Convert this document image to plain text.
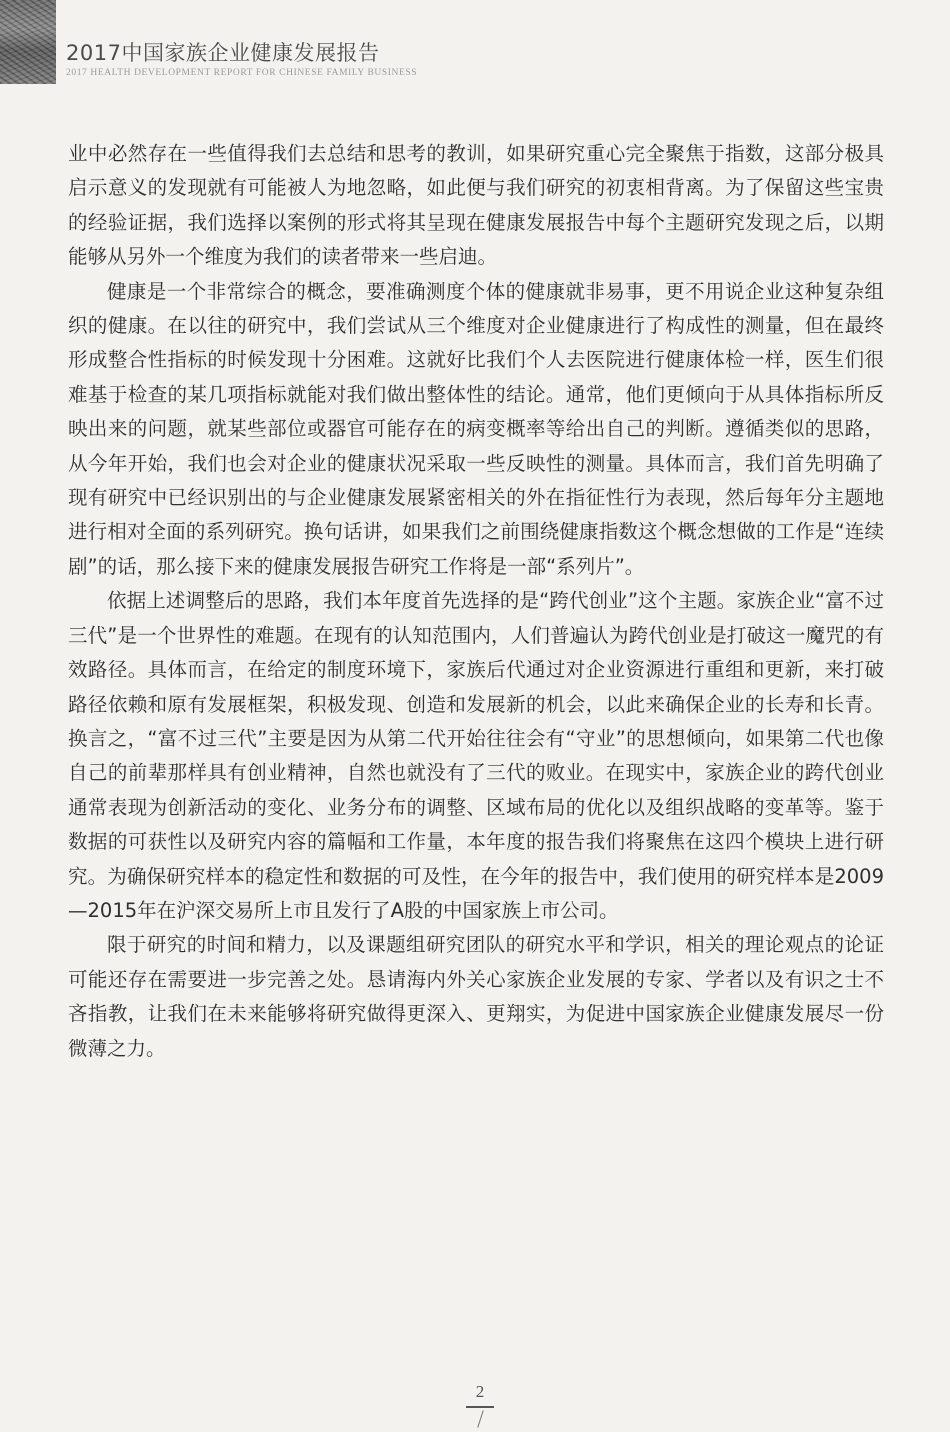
2017中国家族企业健康发展报告
2017 HEALTH DEVELOPMENT REPORT FOR CHINESE FAMILY BUSINESS

业中必然存在一些值得我们去总结和思考的教训，如果研究重心完全聚焦于指数，这部分极具启示意义的发现就有可能被人为地忽略，如此便与我们研究的初衷相背离。为了保留这些宝贵的经验证据，我们选择以案例的形式将其呈现在健康发展报告中每个主题研究发现之后，以期能够从另外一个维度为我们的读者带来一些启迪。

健康是一个非常综合的概念，要准确测度个体的健康就非易事，更不用说企业这种复杂组织的健康。在以往的研究中，我们尝试从三个维度对企业健康进行了构成性的测量，但在最终形成整合性指标的时候发现十分困难。这就好比我们个人去医院进行健康体检一样，医生们很难基于检查的某几项指标就能对我们做出整体性的结论。通常，他们更倾向于从具体指标所反映出来的问题，就某些部位或器官可能存在的病变概率等给出自己的判断。遵循类似的思路，从今年开始，我们也会对企业的健康状况采取一些反映性的测量。具体而言，我们首先明确了现有研究中已经识别出的与企业健康发展紧密相关的外在指征性行为表现，然后每年分主题地进行相对全面的系列研究。换句话讲，如果我们之前围绕健康指数这个概念想做的工作是“连续剧”的话，那么接下来的健康发展报告研究工作将是一部“系列片”。

依据上述调整后的思路，我们本年度首先选择的是“跨代创业”这个主题。家族企业“富不过三代”是一个世界性的难题。在现有的认知范围内，人们普遍认为跨代创业是打破这一魔咒的有效路径。具体而言，在给定的制度环境下，家族后代通过对企业资源进行重组和更新，来打破路径依赖和原有发展框架，积极发现、创造和发展新的机会，以此来确保企业的长寿和长青。换言之，“富不过三代”主要是因为从第二代开始往往会有“守业”的思想倾向，如果第二代也像自己的前辈那样具有创业精神，自然也就没有了三代的败业。在现实中，家族企业的跨代创业通常表现为创新活动的变化、业务分布的调整、区域布局的优化以及组织战略的变革等。鉴于数据的可获性以及研究内容的篇幅和工作量，本年度的报告我们将聚焦在这四个模块上进行研究。为确保研究样本的稳定性和数据的可及性，在今年的报告中，我们使用的研究样本是2009—2015年在沪深交易所上市且发行了A股的中国家族上市公司。

限于研究的时间和精力，以及课题组研究团队的研究水平和学识，相关的理论观点的论证可能还存在需要进一步完善之处。恳请海内外关心家族企业发展的专家、学者以及有识之士不吝指教，让我们在未来能够将研究做得更深入、更翔实，为促进中国家族企业健康发展尽一份微薄之力。

2
